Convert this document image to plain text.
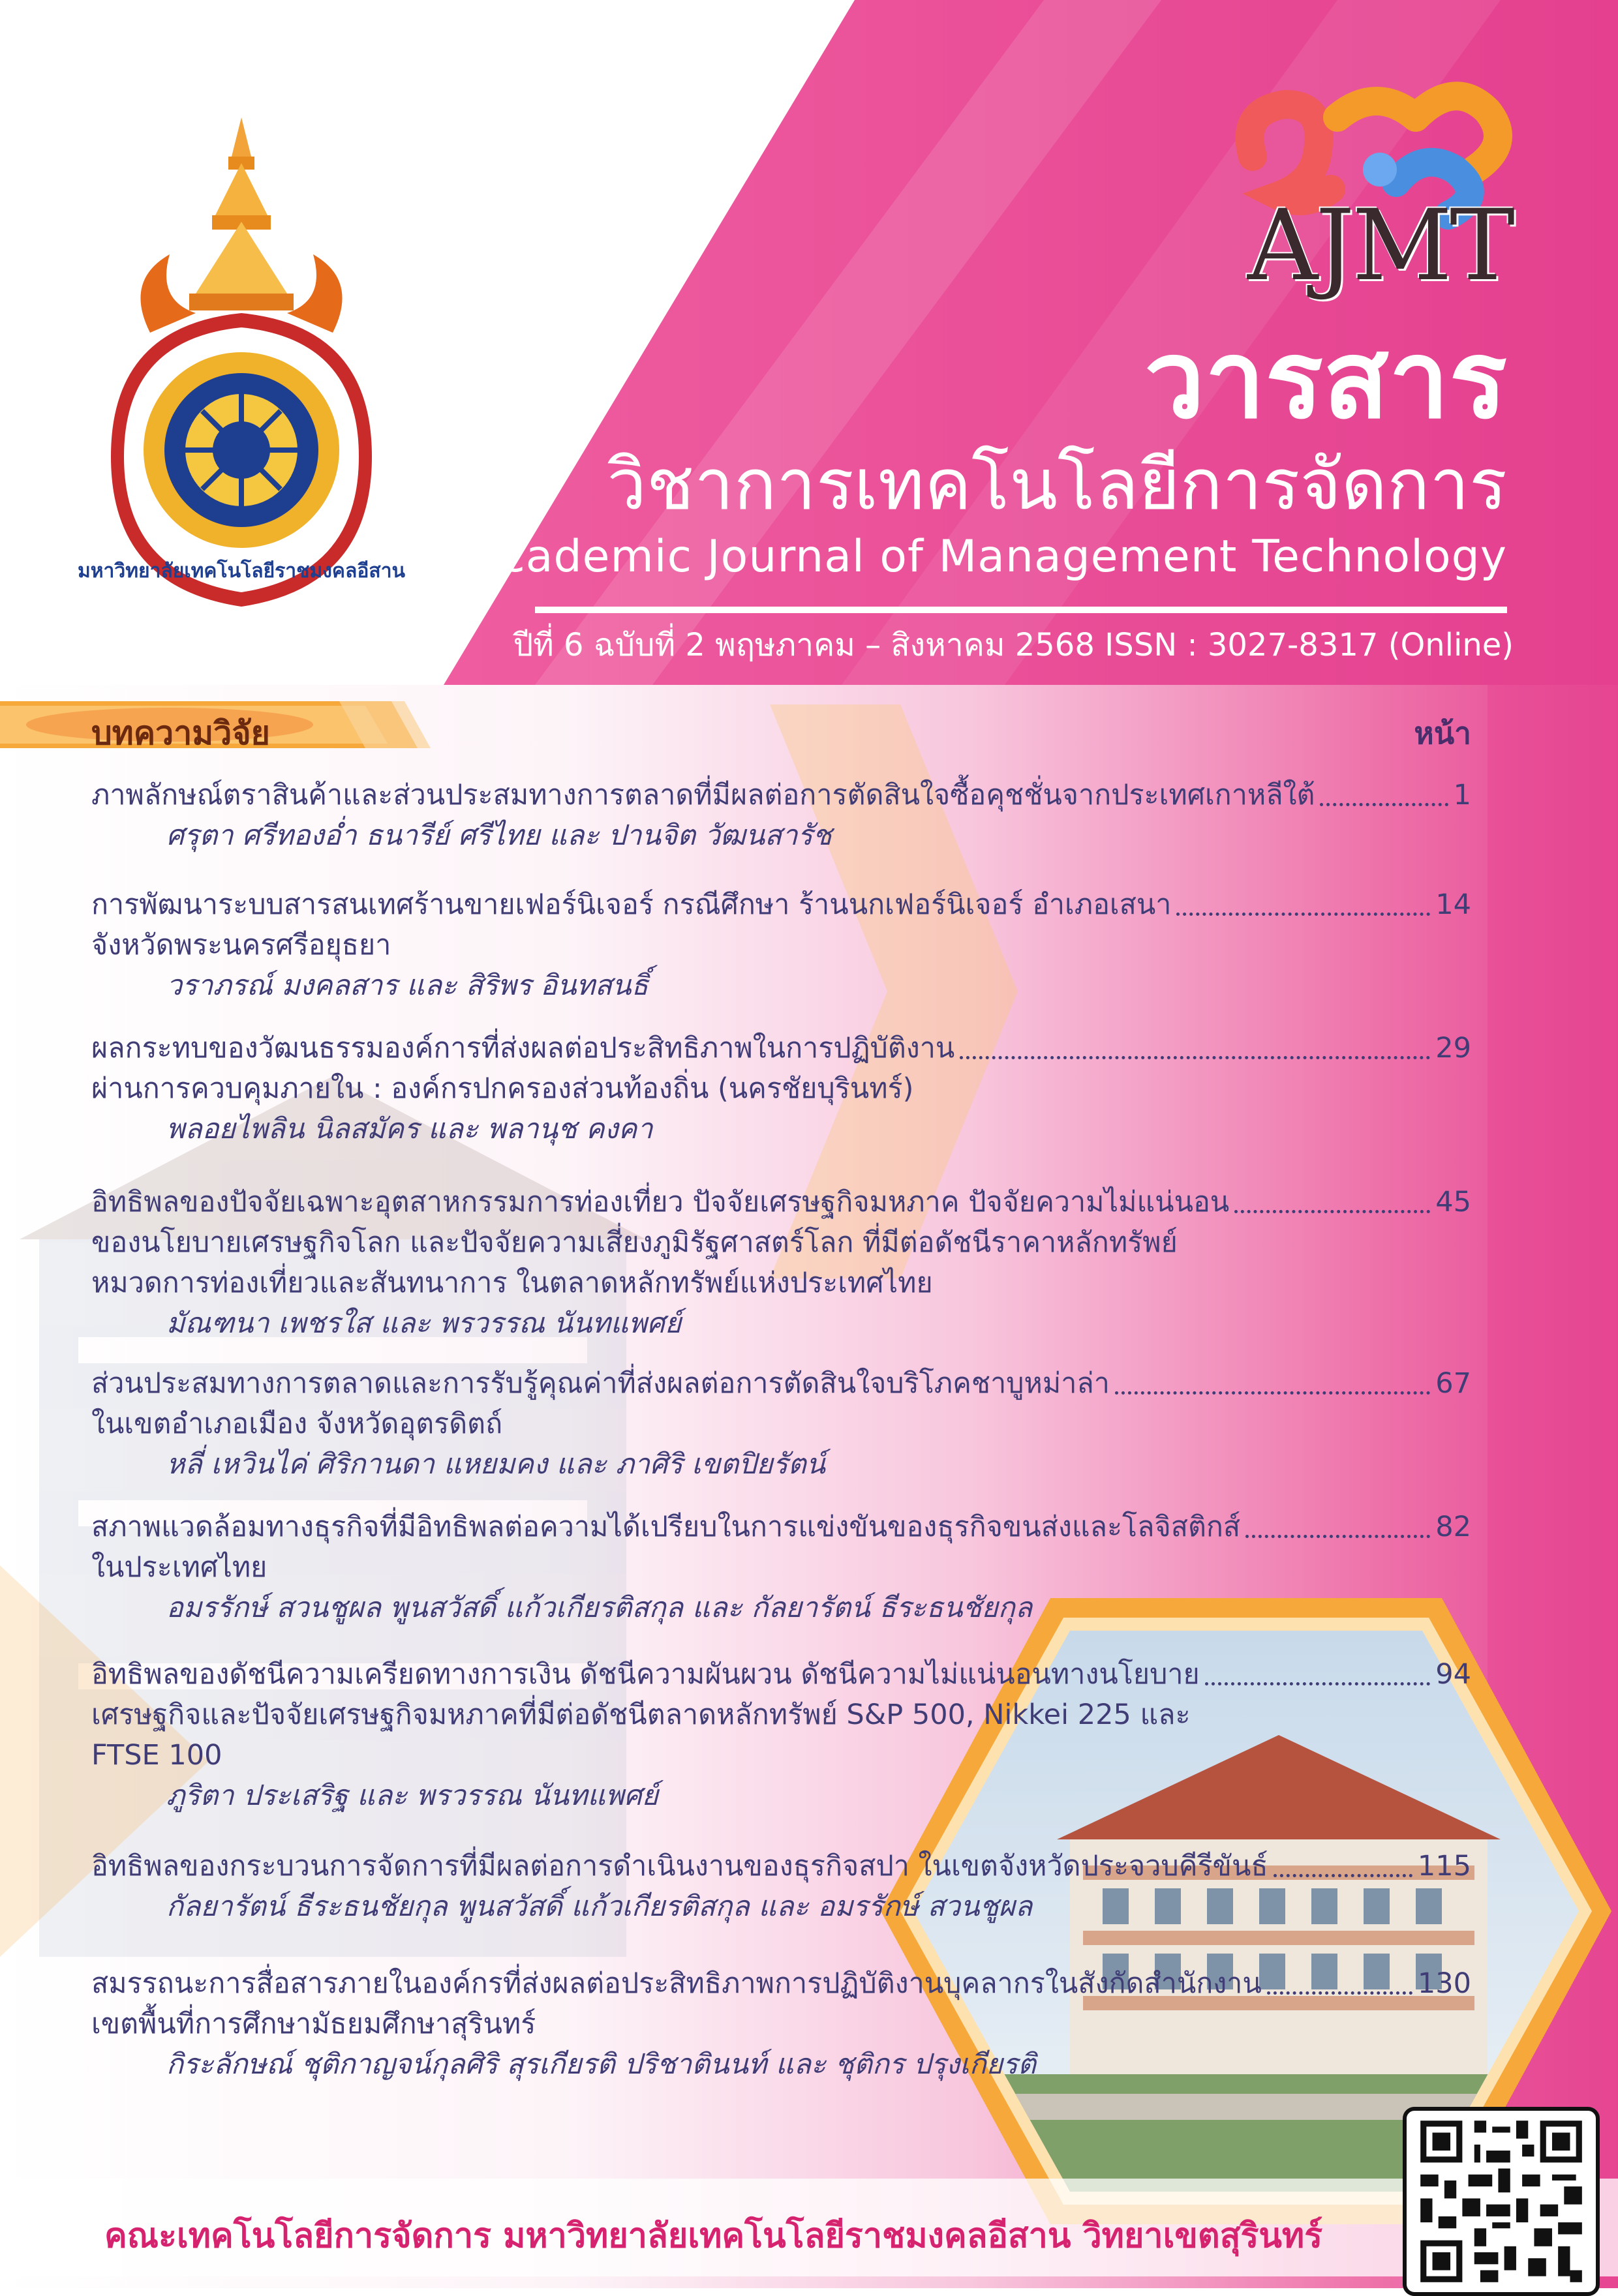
มหาวิทยาลัยเทคโนโลยีราชมงคลอีสาน
AJMT
วารสาร
วิชาการเทคโนโลยีการจัดการ
Academic Journal of Management Technology
ปีที่ 6 ฉบับที่ 2 พฤษภาคม – สิงหาคม 2568 ISSN : 3027-8317 (Online)
บทความวิจัย	หน้า
ภาพลักษณ์ตราสินค้าและส่วนประสมทางการตลาดที่มีผลต่อการตัดสินใจซื้อคุชชั่นจากประเทศเกาหลีใต้	1
ศรุตา ศรีทองอ่ำ ธนารีย์ ศรีไทย และ ปานจิต วัฒนสารัช
การพัฒนาระบบสารสนเทศร้านขายเฟอร์นิเจอร์ กรณีศึกษา ร้านนกเฟอร์นิเจอร์ อำเภอเสนา	14
จังหวัดพระนครศรีอยุธยา
วราภรณ์ มงคลสาร และ สิริพร อินทสนธิ์
ผลกระทบของวัฒนธรรมองค์การที่ส่งผลต่อประสิทธิภาพในการปฏิบัติงาน	29
ผ่านการควบคุมภายใน : องค์กรปกครองส่วนท้องถิ่น (นครชัยบุรินทร์)
พลอยไพลิน นิลสมัคร และ พลานุช คงคา
อิทธิพลของปัจจัยเฉพาะอุตสาหกรรมการท่องเที่ยว ปัจจัยเศรษฐกิจมหภาค ปัจจัยความไม่แน่นอน	45
ของนโยบายเศรษฐกิจโลก และปัจจัยความเสี่ยงภูมิรัฐศาสตร์โลก ที่มีต่อดัชนีราคาหลักทรัพย์
หมวดการท่องเที่ยวและสันทนาการ ในตลาดหลักทรัพย์แห่งประเทศไทย
มัณฑนา เพชรใส และ พรวรรณ นันทแพศย์
ส่วนประสมทางการตลาดและการรับรู้คุณค่าที่ส่งผลต่อการตัดสินใจบริโภคชาบูหม่าล่า	67
ในเขตอำเภอเมือง จังหวัดอุตรดิตถ์
หลี่ เหวินไค่ ศิริกานดา แหยมคง และ ภาศิริ เขตปิยรัตน์
สภาพแวดล้อมทางธุรกิจที่มีอิทธิพลต่อความได้เปรียบในการแข่งขันของธุรกิจขนส่งและโลจิสติกส์	82
ในประเทศไทย
อมรรักษ์ สวนชูผล พูนสวัสดิ์ แก้วเกียรติสกุล และ กัลยารัตน์ ธีระธนชัยกุล
อิทธิพลของดัชนีความเครียดทางการเงิน ดัชนีความผันผวน ดัชนีความไม่แน่นอนทางนโยบาย	94
เศรษฐกิจและปัจจัยเศรษฐกิจมหภาคที่มีต่อดัชนีตลาดหลักทรัพย์ S&P 500, Nikkei 225 และ
FTSE 100
ภูริตา ประเสริฐ และ พรวรรณ นันทแพศย์
อิทธิพลของกระบวนการจัดการที่มีผลต่อการดำเนินงานของธุรกิจสปา ในเขตจังหวัดประจวบคีรีขันธ์	115
กัลยารัตน์ ธีระธนชัยกุล พูนสวัสดิ์ แก้วเกียรติสกุล และ อมรรักษ์ สวนชูผล
สมรรถนะการสื่อสารภายในองค์กรที่ส่งผลต่อประสิทธิภาพการปฏิบัติงานบุคลากรในสังกัดสำนักงาน	130
เขตพื้นที่การศึกษามัธยมศึกษาสุรินทร์
กิระลักษณ์ ชุติกาญจน์กุลศิริ สุรเกียรติ ปริชาตินนท์ และ ชุติกร ปรุงเกียรติ
คณะเทคโนโลยีการจัดการ มหาวิทยาลัยเทคโนโลยีราชมงคลอีสาน วิทยาเขตสุรินทร์
